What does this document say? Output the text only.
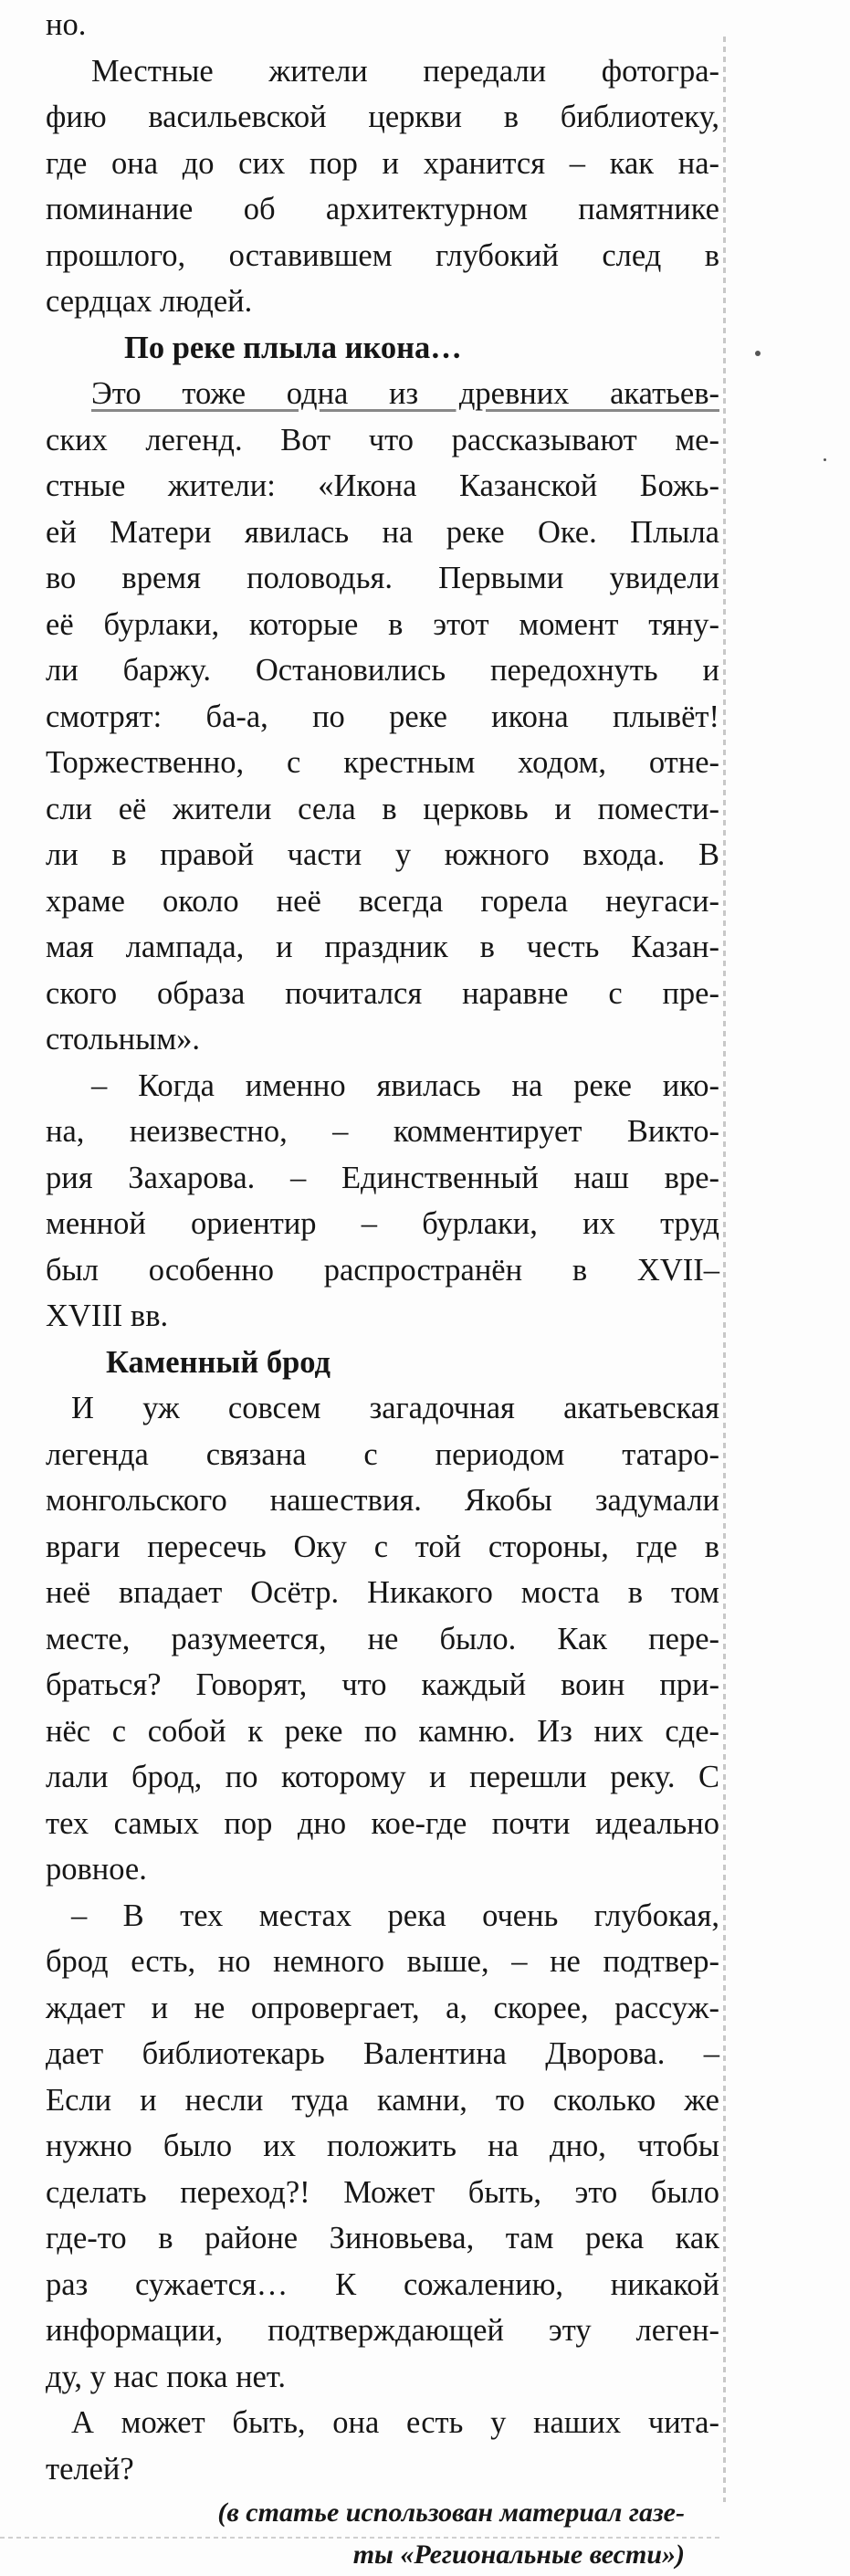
но.
Местные жители передали фотогра-
фию васильевской церкви в библиотеку,
где она до сих пор и хранится – как на-
поминание об архитектурном памятнике
прошлого, оставившем глубокий след в
сердцах людей.
По реке плыла икона…
Это тоже одна из древних акатьев-
ских легенд. Вот что рассказывают ме-
стные жители: «Икона Казанской Божь-
ей Матери явилась на реке Оке. Плыла
во время половодья. Первыми увидели
её бурлаки, которые в этот момент тяну-
ли баржу. Остановились передохнуть и
смотрят: ба-а, по реке икона плывёт!
Торжественно, с крестным ходом, отне-
сли её жители села в церковь и помести-
ли в правой части у южного входа. В
храме около неё всегда горела неугаси-
мая лампада, и праздник в честь Казан-
ского образа почитался наравне с пре-
стольным».
– Когда именно явилась на реке ико-
на, неизвестно, – комментирует Викто-
рия Захарова. – Единственный наш вре-
менной ориентир – бурлаки, их труд
был особенно распространён в XVII–
XVIII вв.
Каменный брод
И уж совсем загадочная акатьевская
легенда связана с периодом татаро-
монгольского нашествия. Якобы задумали
враги пересечь Оку с той стороны, где в
неё впадает Осётр. Никакого моста в том
месте, разумеется, не было. Как пере-
браться? Говорят, что каждый воин при-
нёс с собой к реке по камню. Из них сде-
лали брод, по которому и перешли реку. С
тех самых пор дно кое-где почти идеально
ровное.
– В тех местах река очень глубокая,
брод есть, но немного выше, – не подтвер-
ждает и не опровергает, а, скорее, рассуж-
дает библиотекарь Валентина Дворова. –
Если и несли туда камни, то сколько же
нужно было их положить на дно, чтобы
сделать переход?! Может быть, это было
где-то в районе Зиновьева, там река как
раз сужается… К сожалению, никакой
информации, подтверждающей эту леген-
ду, у нас пока нет.
А может быть, она есть у наших чита-
телей?
(в статье использован материал газе-
ты «Региональные вести»)
